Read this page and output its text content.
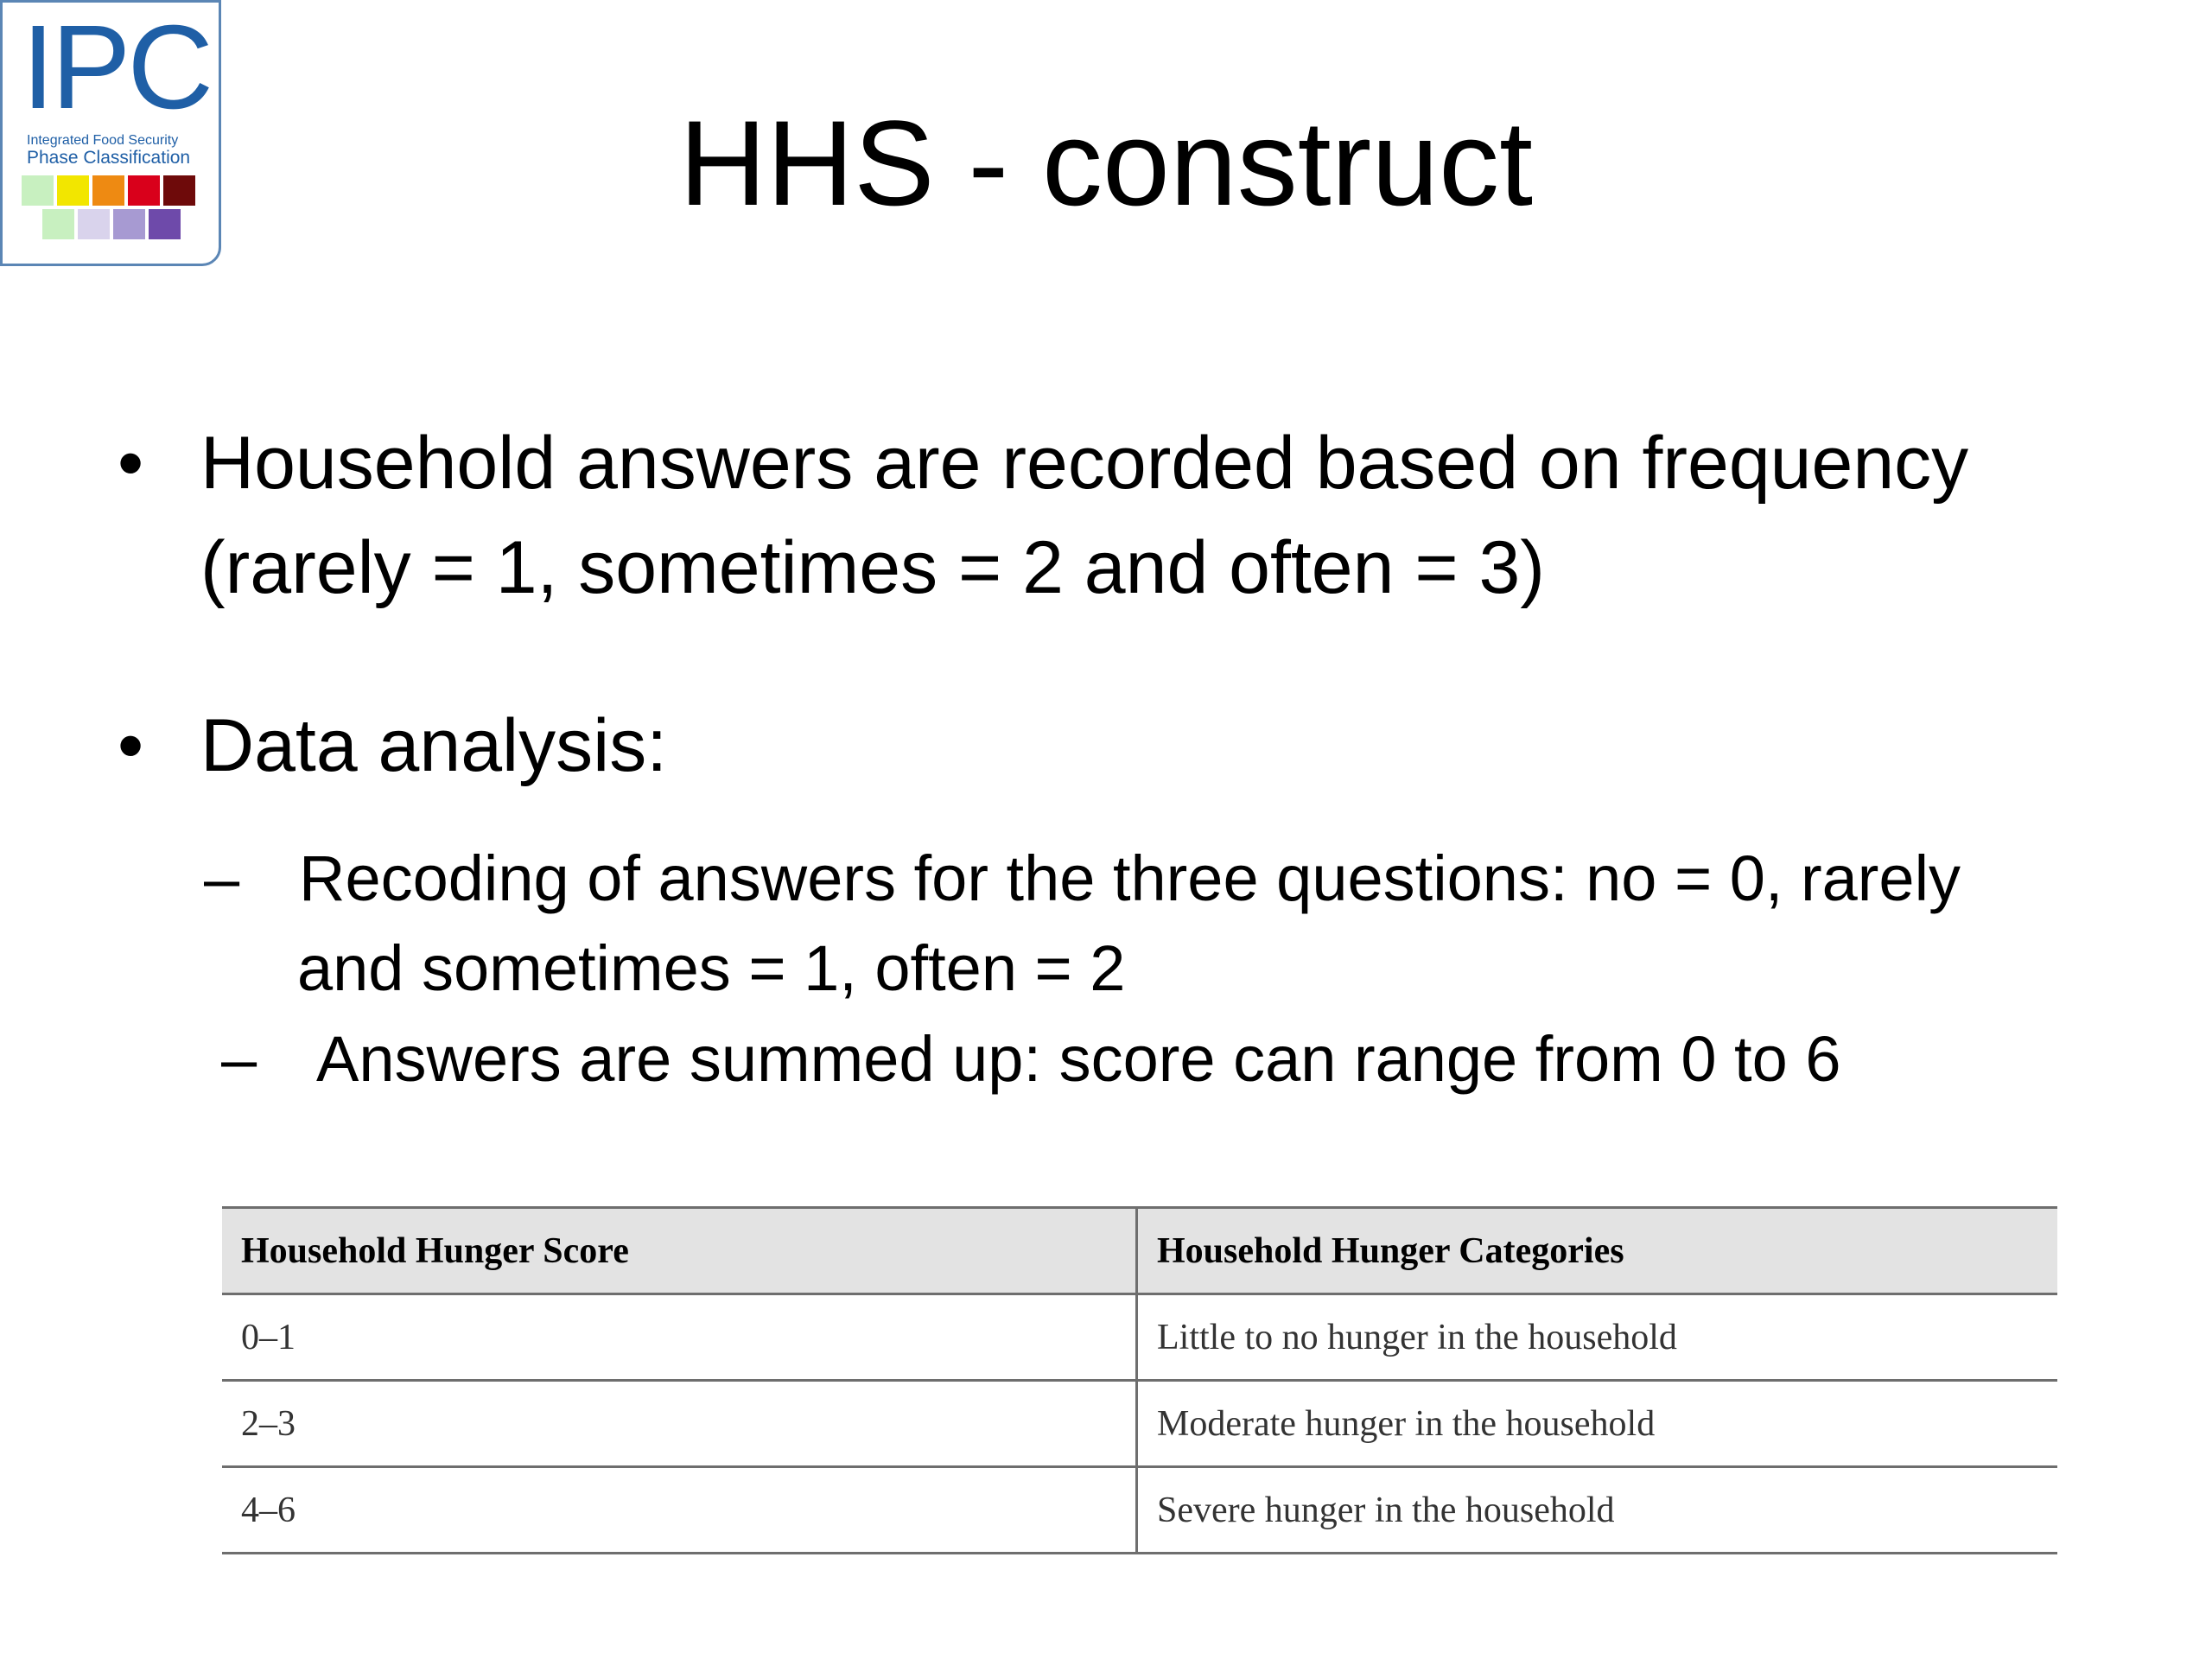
IPC
Integrated Food Security
Phase Classification	HHS - construct
• Household answers are recorded based on frequency
(rarely = 1, sometimes = 2 and often = 3)
• Data analysis:
– Recoding of answers for the three questions: no = 0, rarely
and sometimes = 1, often = 2
– Answers are summed up: score can range from 0 to 6
Household Hunger Score	Household Hunger Categories
0–1	Little to no hunger in the household
2–3	Moderate hunger in the household
4–6	Severe hunger in the household
